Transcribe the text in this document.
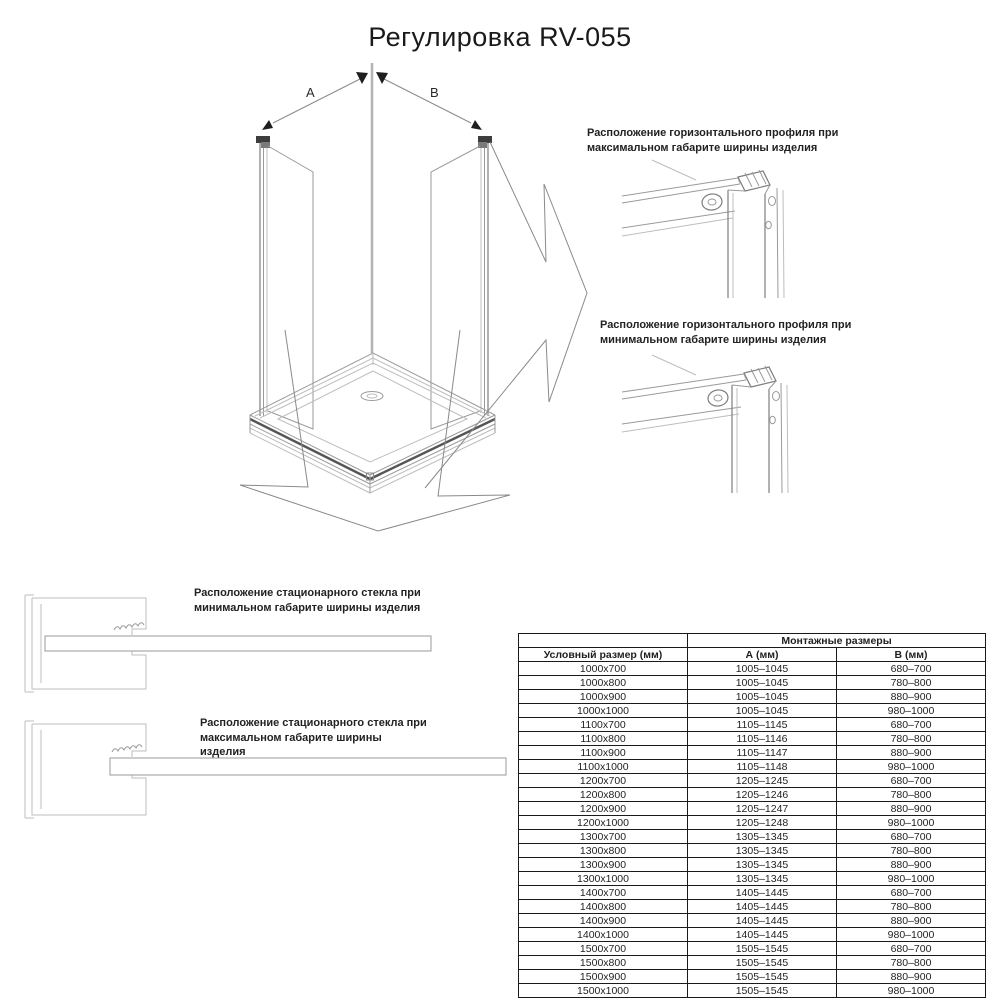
Регулировка RV-055
А	В
Расположение горизонтального профиля при максимальном габарите ширины изделия
Расположение горизонтального профиля при минимальном габарите ширины изделия
Расположение стационарного стекла при минимальном габарите ширины изделия
Расположение стационарного стекла при максимальном габарите ширины изделия
	Монтажные размеры	
Условный размер (мм)	А (мм)	В (мм)
1000x700	1005–1045	680–700
1000x800	1005–1045	780–800
1000x900	1005–1045	880–900
1000x1000	1005–1045	980–1000
1100x700	1105–1145	680–700
1100x800	1105–1146	780–800
1100x900	1105–1147	880–900
1100x1000	1105–1148	980–1000
1200x700	1205–1245	680–700
1200x800	1205–1246	780–800
1200x900	1205–1247	880–900
1200x1000	1205–1248	980–1000
1300x700	1305–1345	680–700
1300x800	1305–1345	780–800
1300x900	1305–1345	880–900
1300x1000	1305–1345	980–1000
1400x700	1405–1445	680–700
1400x800	1405–1445	780–800
1400x900	1405–1445	880–900
1400x1000	1405–1445	980–1000
1500x700	1505–1545	680–700
1500x800	1505–1545	780–800
1500x900	1505–1545	880–900
1500x1000	1505–1545	980–1000
